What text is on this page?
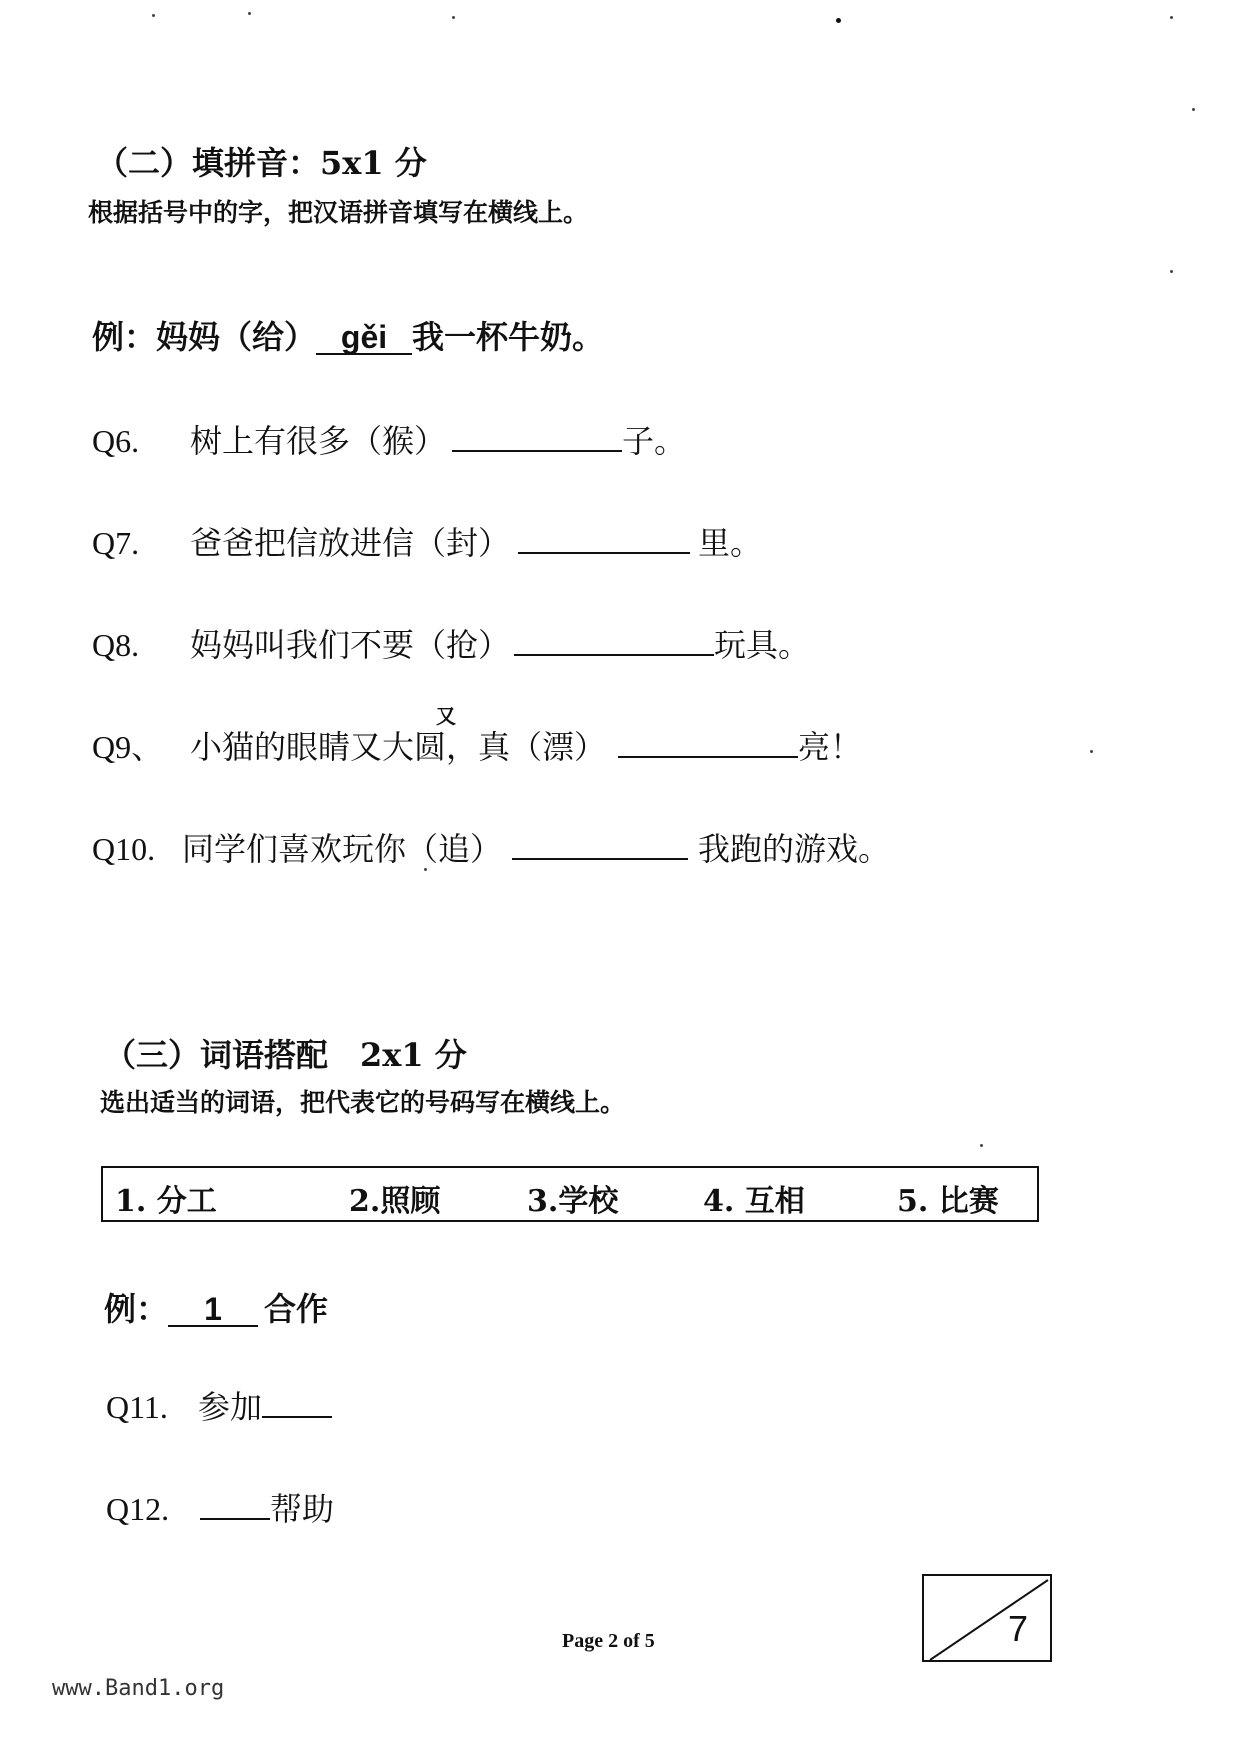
（二）填拼音：5x1 分
根据括号中的字，把汉语拼音填写在横线上。
例：妈妈（给） gěi 我一杯牛奶。
Q6. 树上有很多（猴）	子。
Q7. 爸爸把信放进信（封）	里。
Q8. 妈妈叫我们不要（抢）	玩具。
又
Q9、 小猫的眼睛又大圆，真（漂）	亮！
Q10. 同学们喜欢玩你（追）	我跑的游戏。
（三）词语搭配　2x1 分
选出适当的词语，把代表它的号码写在横线上。
1. 分工	2.照顾	3.学校	4. 互相	5. 比赛
例： 1 合作
Q11. 参加
Q12.	帮助
7
Page 2 of 5
www.Band1.org
